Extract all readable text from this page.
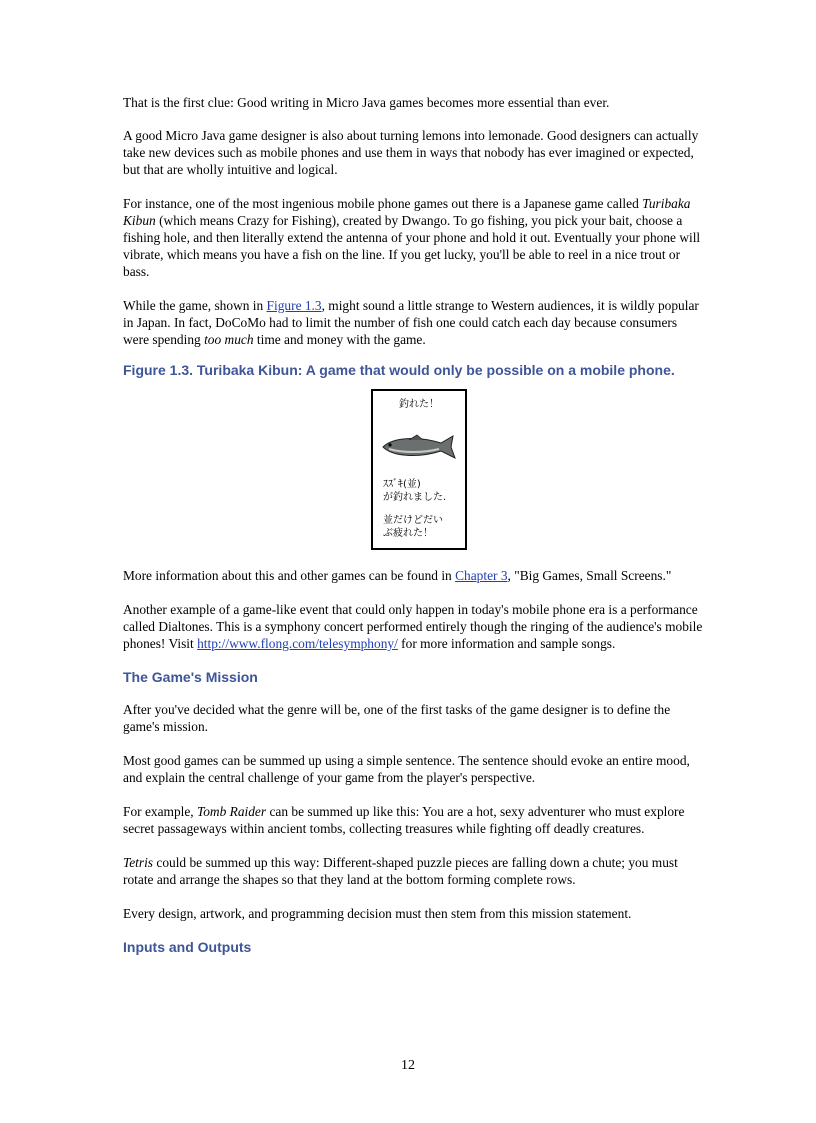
That is the first clue: Good writing in Micro Java games becomes more essential than ever.

A good Micro Java game designer is also about turning lemons into lemonade. Good designers can actually take new devices such as mobile phones and use them in ways that nobody has ever imagined or expected, but that are wholly intuitive and logical.

For instance, one of the most ingenious mobile phone games out there is a Japanese game called Turibaka Kibun (which means Crazy for Fishing), created by Dwango. To go fishing, you pick your bait, choose a fishing hole, and then literally extend the antenna of your phone and hold it out. Eventually your phone will vibrate, which means you have a fish on the line. If you get lucky, you'll be able to reel in a nice trout or bass.

While the game, shown in Figure 1.3, might sound a little strange to Western audiences, it is wildly popular in Japan. In fact, DoCoMo had to limit the number of fish one could catch each day because consumers were spending too much time and money with the game.

Figure 1.3. Turibaka Kibun: A game that would only be possible on a mobile phone.
釣れた！
ｽｽﾞｷ(並)
が釣れました.
並だけどだい
ぶ疲れた！

More information about this and other games can be found in Chapter 3, "Big Games, Small Screens."

Another example of a game-like event that could only happen in today's mobile phone era is a performance called Dialtones. This is a symphony concert performed entirely though the ringing of the audience's mobile phones! Visit http://www.flong.com/telesymphony/ for more information and sample songs.

The Game's Mission

After you've decided what the genre will be, one of the first tasks of the game designer is to define the game's mission.

Most good games can be summed up using a simple sentence. The sentence should evoke an entire mood, and explain the central challenge of your game from the player's perspective.

For example, Tomb Raider can be summed up like this: You are a hot, sexy adventurer who must explore secret passageways within ancient tombs, collecting treasures while fighting off deadly creatures.

Tetris could be summed up this way: Different-shaped puzzle pieces are falling down a chute; you must rotate and arrange the shapes so that they land at the bottom forming complete rows.

Every design, artwork, and programming decision must then stem from this mission statement.

Inputs and Outputs
12
